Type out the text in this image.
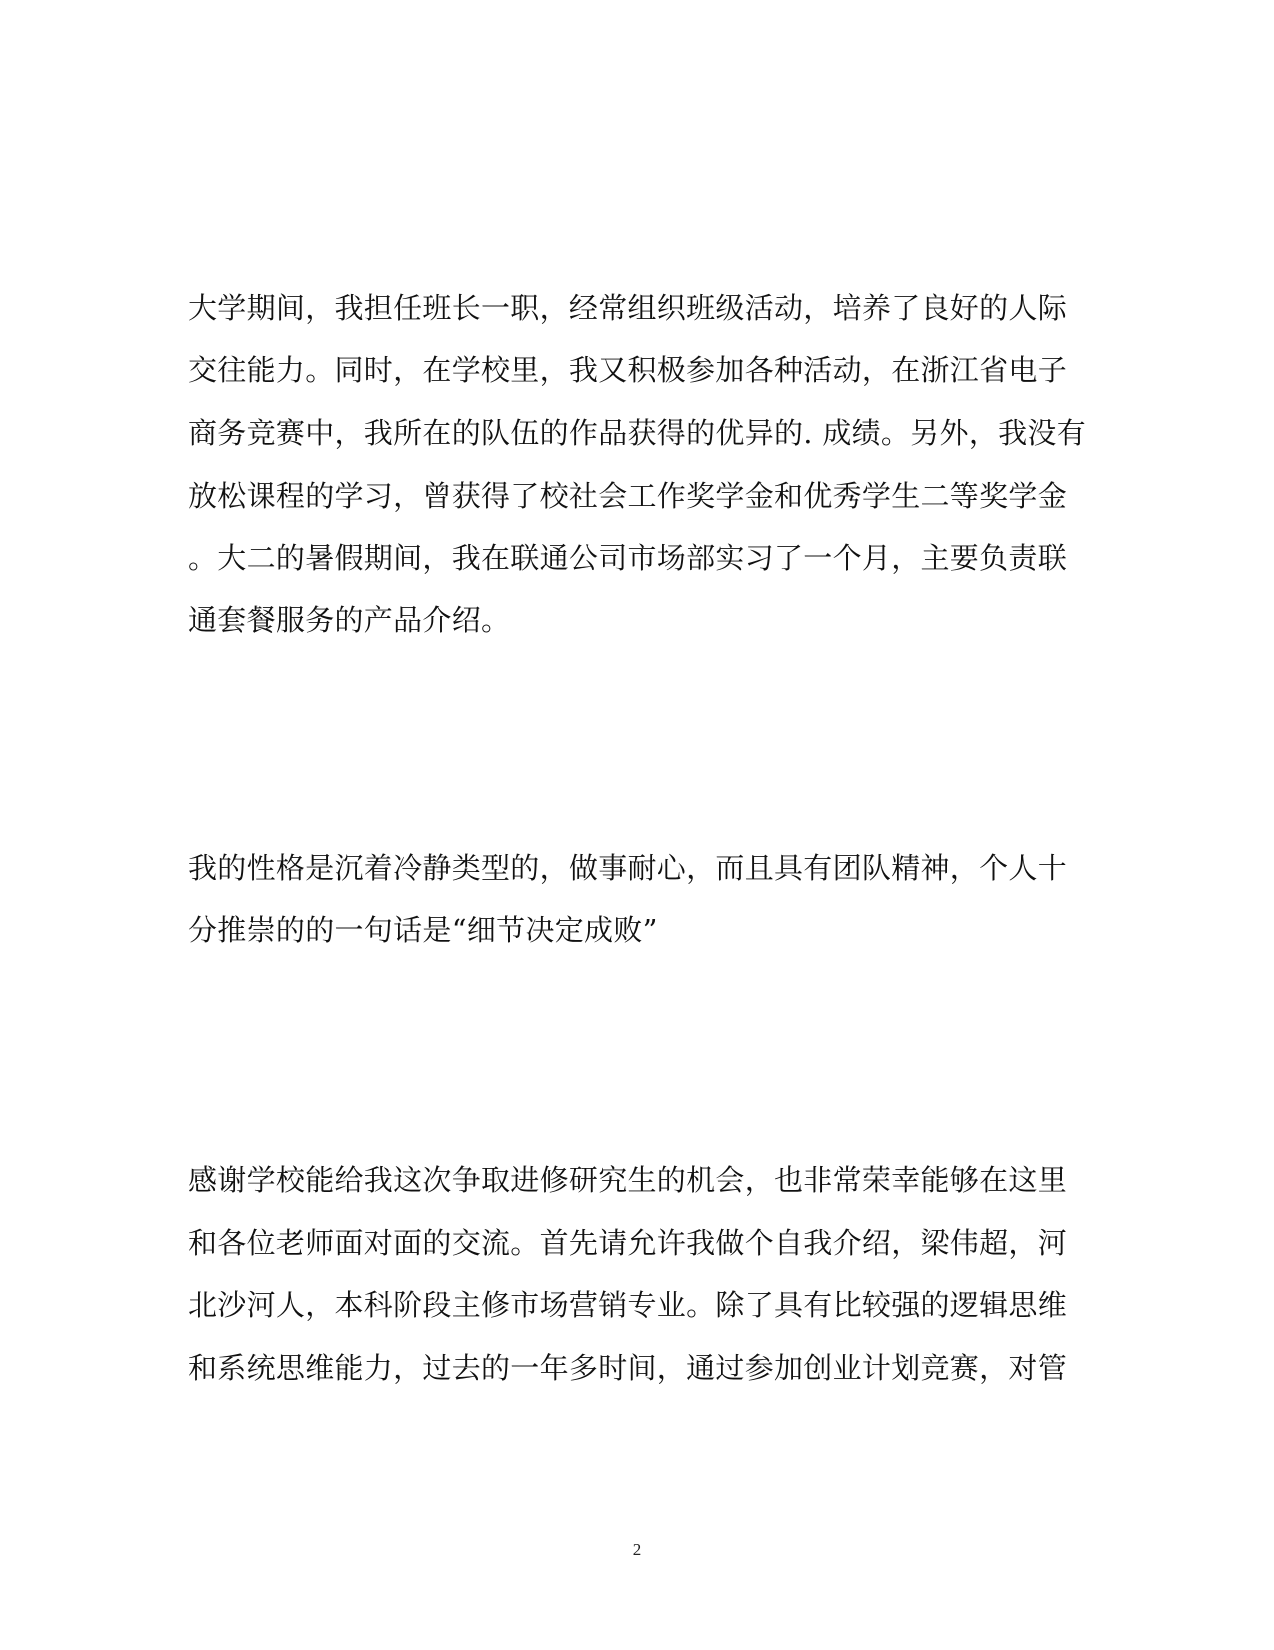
大学期间，我担任班长一职，经常组织班级活动，培养了良好的人际
交往能力。同时，在学校里，我又积极参加各种活动，在浙江省电子
商务竞赛中，我所在的队伍的作品获得的优异的. 成绩。另外，我没有
放松课程的学习，曾获得了校社会工作奖学金和优秀学生二等奖学金
。大二的暑假期间，我在联通公司市场部实习了一个月，主要负责联
通套餐服务的产品介绍。
我的性格是沉着冷静类型的，做事耐心，而且具有团队精神，个人十
分推崇的的一句话是“细节决定成败”
感谢学校能给我这次争取进修研究生的机会，也非常荣幸能够在这里
和各位老师面对面的交流。首先请允许我做个自我介绍，梁伟超，河
北沙河人，本科阶段主修市场营销专业。除了具有比较强的逻辑思维
和系统思维能力，过去的一年多时间，通过参加创业计划竞赛，对管
2
